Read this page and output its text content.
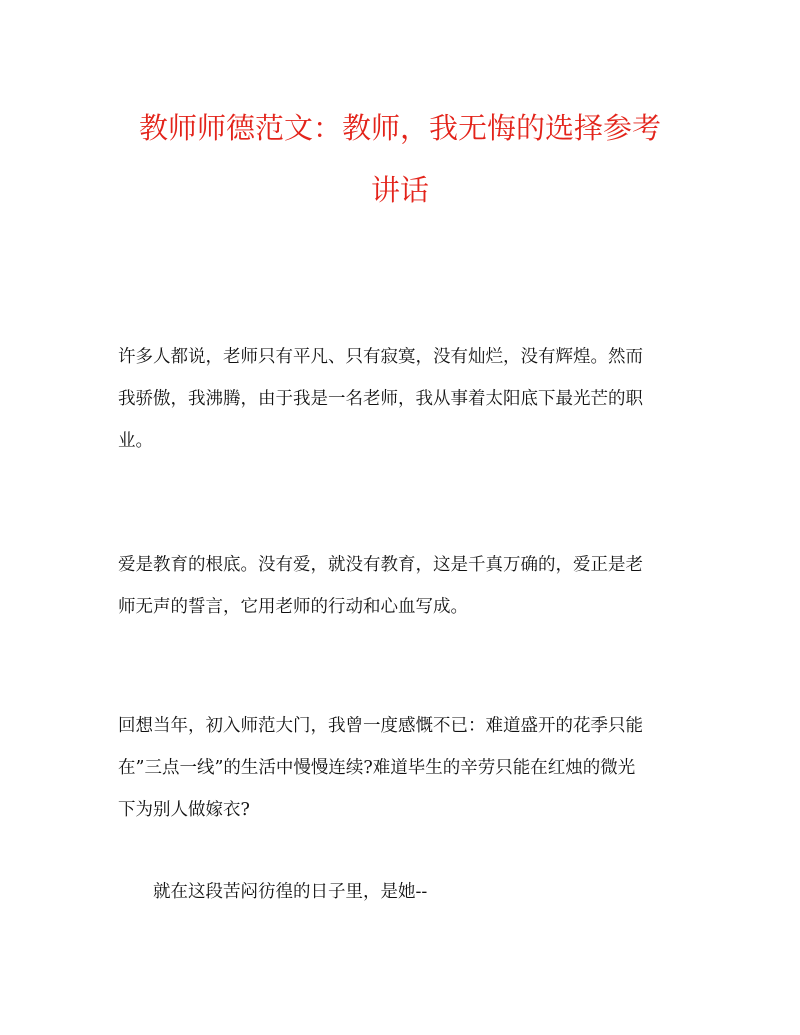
教师师德范文：教师，我无悔的选择参考
讲话
许多人都说，老师只有平凡、只有寂寞，没有灿烂，没有辉煌。然而
我骄傲，我沸腾，由于我是一名老师，我从事着太阳底下最光芒的职
业。
爱是教育的根底。没有爱，就没有教育，这是千真万确的，爱正是老
师无声的誓言，它用老师的行动和心血写成。
回想当年，初入师范大门，我曾一度感慨不已：难道盛开的花季只能
在”三点一线”的生活中慢慢连续?难道毕生的辛劳只能在红烛的微光
下为别人做嫁衣?
就在这段苦闷彷徨的日子里，是她--
